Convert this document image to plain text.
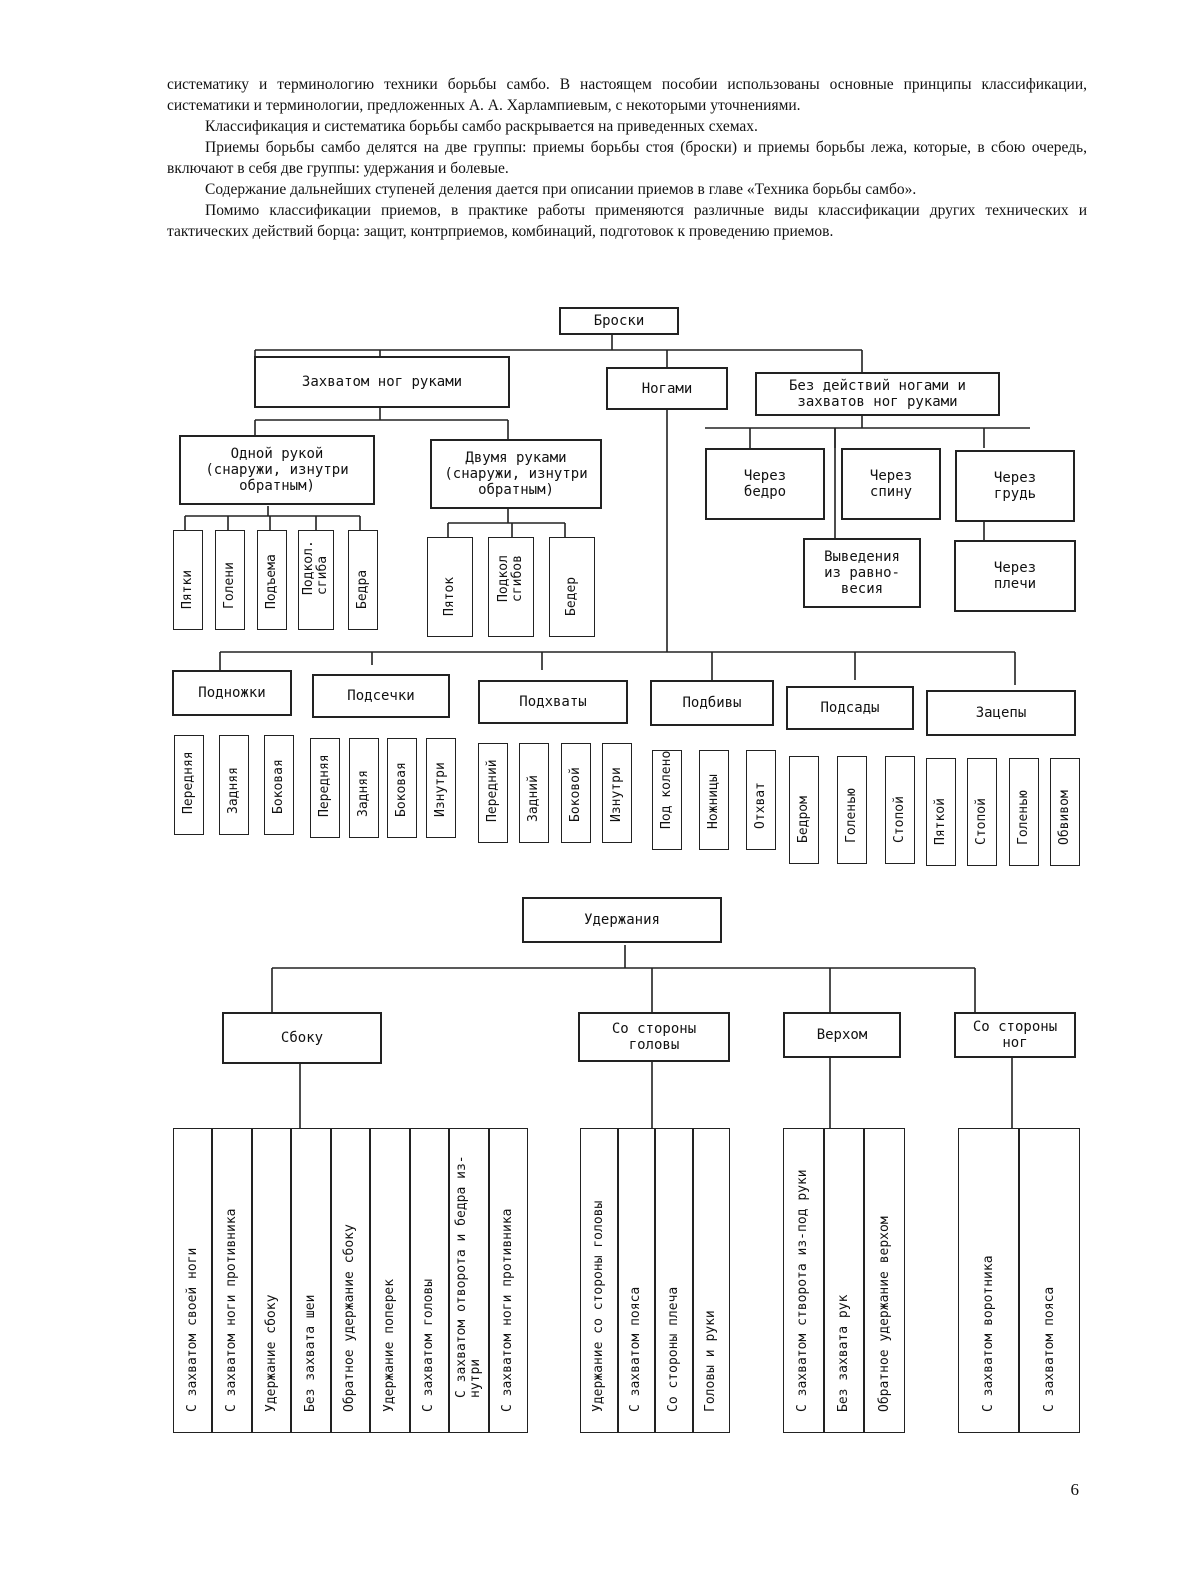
систематику и терминологию техники борьбы самбо. В настоящем пособии использованы основные принципы классификации, систематики и терминологии, предложенных А. А. Харлампиевым, с некоторыми уточнениями.

Классификация и систематика борьбы самбо раскрывается на приведенных схемах.

Приемы борьбы самбо делятся на две группы: приемы борьбы стоя (броски) и приемы борьбы лежа, которые, в сбою очередь, включают в себя две группы: удержания и болевые.

Содержание дальнейших ступеней деления дается при описании приемов в главе «Техника борьбы самбо».

Помимо классификации приемов, в практике работы применяются различные виды классификации других технических и тактических действий борца: защит, контрприемов, комбинаций, подготовок к проведению приемов.

Броски
Захватом ног руками	Ногами	Без действий ногами и
захватов ног руками
Одной рукой
(снаружи, изнутри
обратным)
Двумя руками
(снаружи, изнутри
обратным)
Через
бедро
Через
спину
Через
грудь
Выведения
из равно-
весия
Через
плечи
Пятки Голени Подъема Подкол.
сгиба Бедра	Пяток	Подкол
сгибов	Бедер
Подножки
Передняя Задняя Боковая
Подсечки
Передняя Задняя Боковая Изнутри
Подхваты
Передний Задний Боковой Изнутри
Подбивы
Под колено Ножницы Отхват
Подсады
Бедром	Голенью	Стопой
Зацепы
Пяткой Стопой Голенью Обвивом
Удержания
Сбоку
С захватом своей ноги С захватом ноги противника Удержание сбоку Без захвата шеи Обратное удержание сбоку Удержание поперек С захватом головы С захватом отворота и бедра из-
нутри С захватом ноги противника
Со стороны
головы
Удержание со стороны головы С захватом пояса Со стороны плеча Головы и руки
Верхом
С захватом створота из-под руки Без захвата рук Обратное удержание верхом
Со стороны
ног
С захватом воротника	С захватом пояса
6
